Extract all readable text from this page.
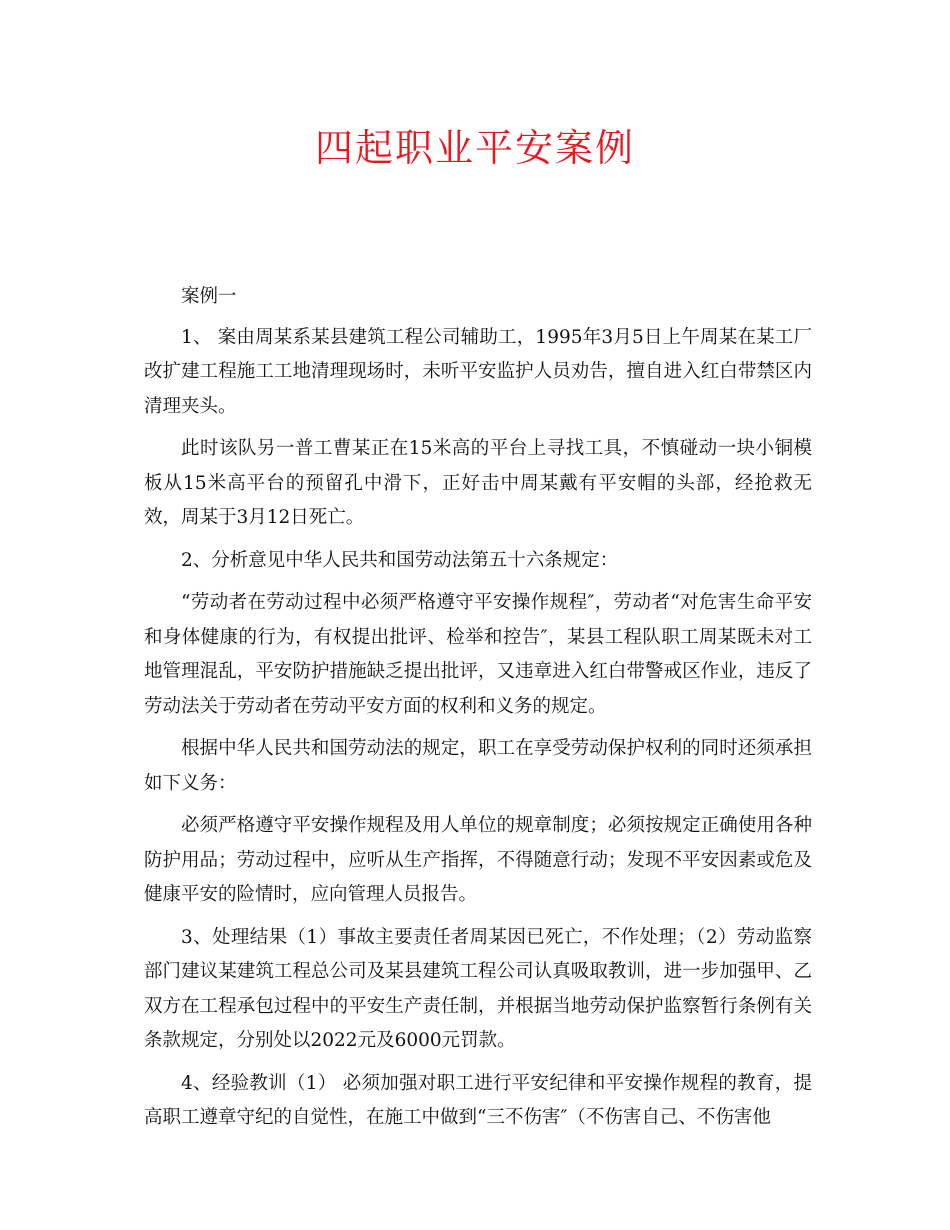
四起职业平安案例

案例一

1、 案由周某系某县建筑工程公司辅助工，1995年3月5日上午周某在某工厂改扩建工程施工工地清理现场时，未听平安监护人员劝告，擅自进入红白带禁区内清理夹头。

此时该队另一普工曹某正在15米高的平台上寻找工具，不慎碰动一块小铜模板从15米高平台的预留孔中滑下，正好击中周某戴有平安帽的头部，经抢救无效，周某于3月12日死亡。

2、分析意见中华人民共和国劳动法第五十六条规定：

“劳动者在劳动过程中必须严格遵守平安操作规程″，劳动者“对危害生命平安和身体健康的行为，有权提出批评、检举和控告″，某县工程队职工周某既未对工地管理混乱，平安防护措施缺乏提出批评，又违章进入红白带警戒区作业，违反了劳动法关于劳动者在劳动平安方面的权利和义务的规定。

根据中华人民共和国劳动法的规定，职工在享受劳动保护权利的同时还须承担如下义务：

必须严格遵守平安操作规程及用人单位的规章制度；必须按规定正确使用各种防护用品；劳动过程中，应听从生产指挥，不得随意行动；发现不平安因素或危及健康平安的险情时，应向管理人员报告。

3、处理结果（1）事故主要责任者周某因已死亡，不作处理；（2）劳动监察部门建议某建筑工程总公司及某县建筑工程公司认真吸取教训，进一步加强甲、乙双方在工程承包过程中的平安生产责任制，并根据当地劳动保护监察暂行条例有关条款规定，分别处以2022元及6000元罚款。

4、经验教训（1） 必须加强对职工进行平安纪律和平安操作规程的教育，提高职工遵章守纪的自觉性，在施工中做到“三不伤害″（不伤害自己、不伤害他
